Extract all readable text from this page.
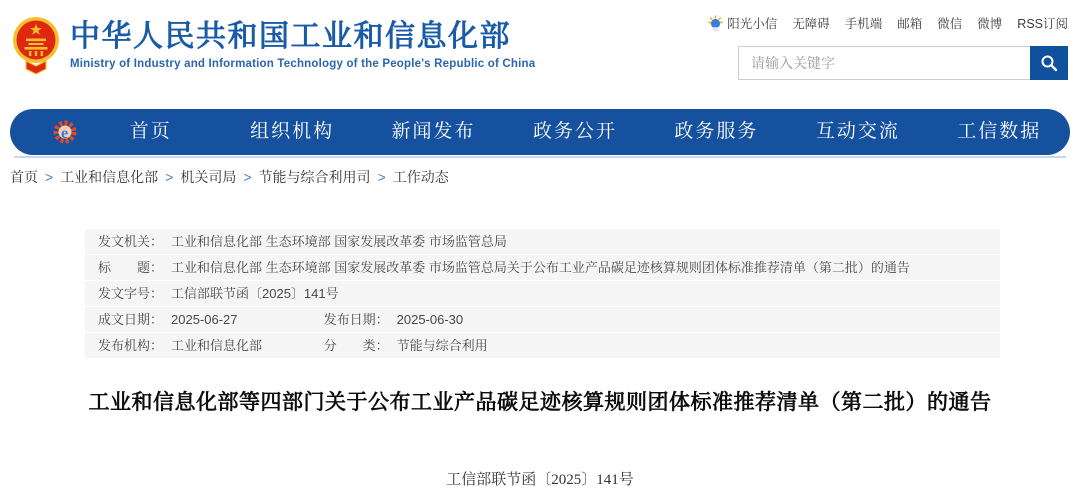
中华人民共和国工业和信息化部
Ministry of Industry and Information Technology of the People's Republic of China
阳光小信 无障碍 手机端 邮箱 微信 微博 RSS订阅
请输入关键字
e	首页	组织机构	新闻发布	政务公开	政务服务	互动交流	工信数据
首页 > 工业和信息化部 > 机关司局 > 节能与综合利用司 > 工作动态
发文机关： 工业和信息化部 生态环境部 国家发展改革委 市场监管总局
标　　题： 工业和信息化部 生态环境部 国家发展改革委 市场监管总局关于公布工业产品碳足迹核算规则团体标准推荐清单（第二批）的通告
发文字号： 工信部联节函〔2025〕141号
成文日期： 2025-06-27	发布日期： 2025-06-30
发布机构： 工业和信息化部	分　　类： 节能与综合利用
工业和信息化部等四部门关于公布工业产品碳足迹核算规则团体标准推荐清单（第二批）的通告
工信部联节函〔2025〕141号
